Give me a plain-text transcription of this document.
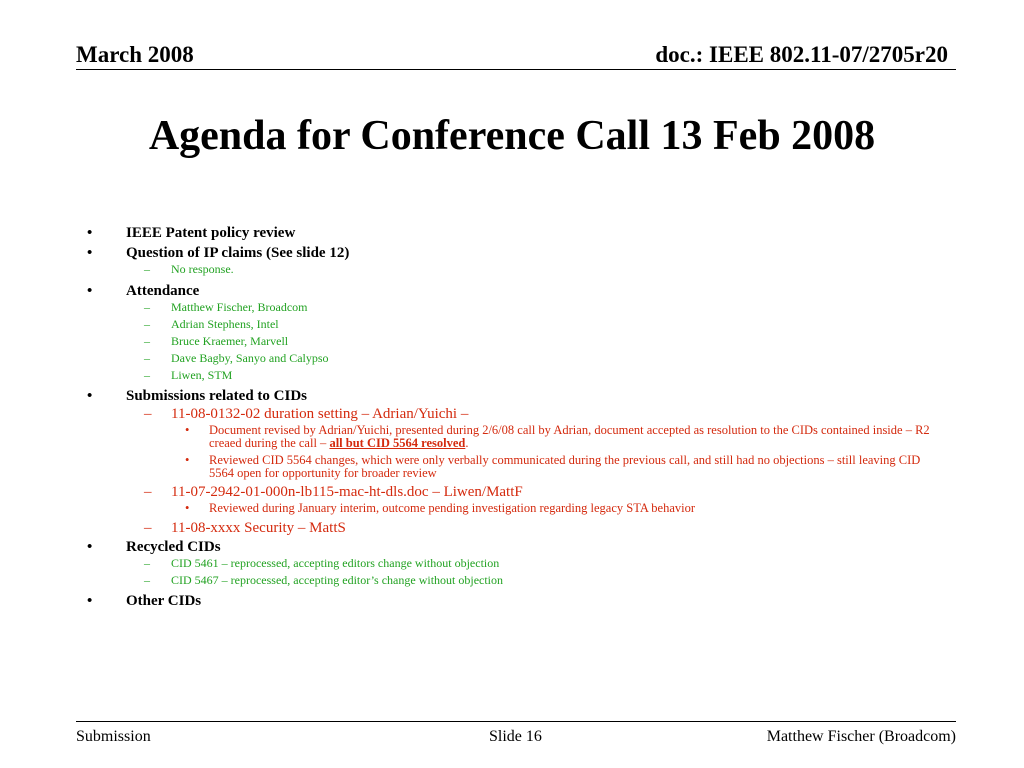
March 2008	doc.: IEEE 802.11-07/2705r20
Agenda for Conference Call 13 Feb 2008
• IEEE Patent policy review
• Question of IP claims (See slide 12)
– No response.
• Attendance
– Matthew Fischer, Broadcom
– Adrian Stephens, Intel
– Bruce Kraemer, Marvell
– Dave Bagby, Sanyo and Calypso
– Liwen, STM
• Submissions related to CIDs
– 11-08-0132-02 duration setting – Adrian/Yuichi –
• Document revised by Adrian/Yuichi, presented during 2/6/08 call by Adrian, document accepted as resolution to the CIDs contained inside – R2 creaed during the call – all but CID 5564 resolved.
• Reviewed CID 5564 changes, which were only verbally communicated during the previous call, and still had no objections – still leaving CID 5564 open for opportunity for broader review
– 11-07-2942-01-000n-lb115-mac-ht-dls.doc – Liwen/MattF
• Reviewed during January interim, outcome pending investigation regarding legacy STA behavior
– 11-08-xxxx Security – MattS
• Recycled CIDs
– CID 5461 – reprocessed, accepting editors change without objection
– CID 5467 – reprocessed, accepting editor’s change without objection
• Other CIDs
Submission	Slide 16	Matthew Fischer (Broadcom)
